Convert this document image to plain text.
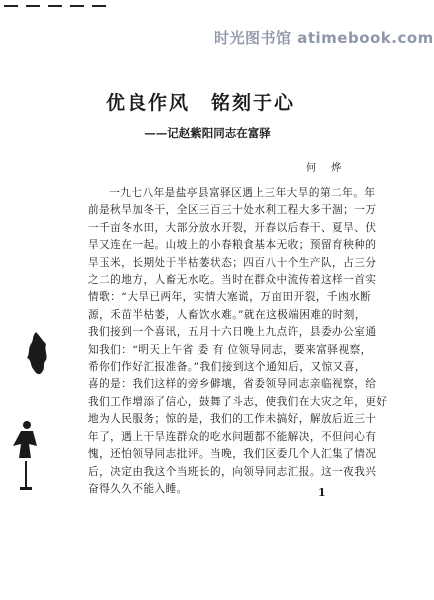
时光图书馆 atimebook.com
优良作风　铭刻于心
——记赵紫阳同志在富驿
何 烨
一九七八年是盐亭县富驿区遇上三年大旱的第二年。年
前是秋旱加冬干，全区三百三十处水利工程大多干涸；一万
一千亩冬水田，大部分放水开裂，开春以后春干、夏旱、伏
旱又连在一起。山坡上的小春粮食基本无收；预留育秧种的
旱玉米，长期处于半枯萎状态；四百八十个生产队，占三分
之二的地方，人畜无水吃。当时在群众中流传着这样一首实
情歌：“大旱已两年，实情大塞谎，万亩田开裂，千凼水断
源，禾苗半枯萎，人畜饮水难。”就在这极端困难的时刻，
我们接到一个喜讯，五月十六日晚上九点许，县委办公室通
知我们：“明天上午省 委 有 位领导同志，要来富驿视察，
希你们作好汇报准备。”我们接到这个通知后，又惊又喜，
喜的是：我们这样的旁乡僻壤，省委领导同志亲临视察，给
我们工作增添了信心，鼓舞了斗志，使我们在大灾之年，更好
地为人民服务；惊的是，我们的工作未搞好，解放后近三十
年了，遇上干旱连群众的吃水问题都不能解决，不但问心有
愧，还怕领导同志批评。当晚，我们区委几个人汇集了情况
后，决定由我这个当班长的，向领导同志汇报。这一夜我兴
奋得久久不能入睡。	1
